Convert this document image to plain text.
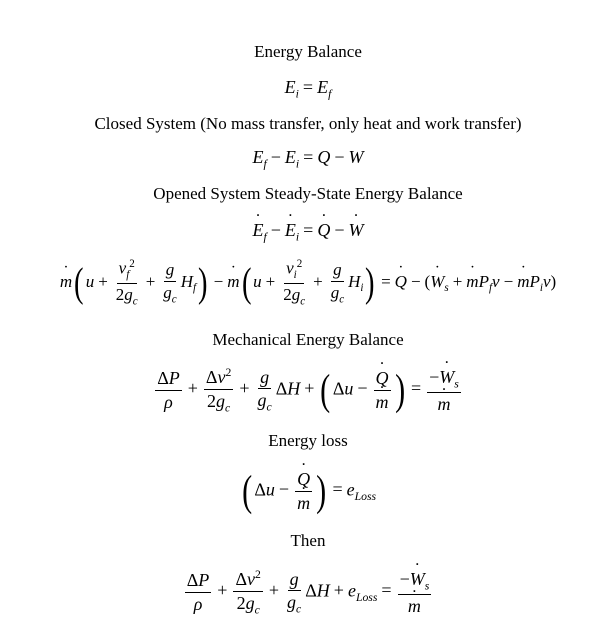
Energy Balance
$E_i = E_f$
Closed System (No mass transfer, only heat and work transfer)
$E_f - E_i = Q - W$
Opened System Steady-State Energy Balance
˙ $E_f$ − ˙ $E_i$ = ˙ Q − ˙ W
˙ m( $u + \frac{v_f^2}{2g_c} + \frac{g}{g_c} H_f$) − ˙ m( $u + \frac{v_i^2}{2g_c} + \frac{g}{g_c} H_i$) = ˙ Q − (˙ $W_s$ + ˙ $mP_fv$ − ˙ $mP_iv$)
Mechanical Energy Balance
$\frac{\Delta P}{\rho} + \frac{\Delta v^2}{2g_c} + \frac{g}{g_c}$ ΔH + ( Δu − ˙ Q
˙ m ) = −˙ $W_s$
˙ m
Energy loss
( Δu − ˙ Q
˙ m ) = $e_{Loss}$
Then
$\frac{\Delta P}{\rho} + \frac{\Delta v^2}{2g_c} + \frac{g}{g_c}$ $\Delta H + e_{Loss}$ = −˙ $W_s$
˙ m
